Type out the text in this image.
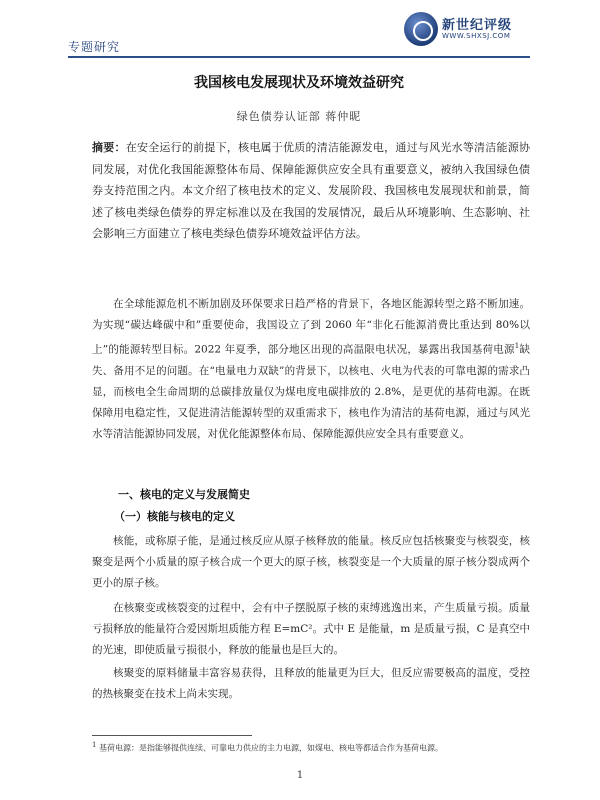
专题研究
新世纪评级
WWW.SHXSJ.COM
我国核电发展现状及环境效益研究
绿色债券认证部 蒋仲昵
摘要：在安全运行的前提下，核电属于优质的清洁能源发电，通过与风光水等清洁能源协同发展，对优化我国能源整体布局、保障能源供应安全具有重要意义，被纳入我国绿色债券支持范围之内。本文介绍了核电技术的定义、发展阶段、我国核电发展现状和前景，简述了核电类绿色债券的界定标准以及在我国的发展情况，最后从环境影响、生态影响、社会影响三方面建立了核电类绿色债券环境效益评估方法。
在全球能源危机不断加剧及环保要求日趋严格的背景下，各地区能源转型之路不断加速。为实现“碳达峰碳中和”重要使命，我国设立了到 2060 年“非化石能源消费比重达到 80%以上”的能源转型目标。2022 年夏季，部分地区出现的高温限电状况，暴露出我国基荷电源$^1$缺失、备用不足的问题。在“电量电力双缺”的背景下，以核电、火电为代表的可靠电源的需求凸显，而核电全生命周期的总碳排放量仅为煤电度电碳排放的 2.8%，是更优的基荷电源。在既保障用电稳定性，又促进清洁能源转型的双重需求下，核电作为清洁的基荷电源，通过与风光水等清洁能源协同发展，对优化能源整体布局、保障能源供应安全具有重要意义。
一、核电的定义与发展简史
（一）核能与核电的定义
核能，或称原子能，是通过核反应从原子核释放的能量。核反应包括核聚变与核裂变，核聚变是两个小质量的原子核合成一个更大的原子核，核裂变是一个大质量的原子核分裂成两个更小的原子核。
在核聚变或核裂变的过程中，会有中子摆脱原子核的束缚逃逸出来，产生质量亏损。质量亏损释放的能量符合爱因斯坦质能方程 E=mC²。式中 E 是能量，m 是质量亏损，C 是真空中的光速，即使质量亏损很小，释放的能量也是巨大的。
核聚变的原料储量丰富容易获得，且释放的能量更为巨大，但反应需要极高的温度，受控的热核聚变在技术上尚未实现。
$^1$ 基荷电源：是指能够提供连续、可靠电力供应的主力电源，如煤电、核电等都适合作为基荷电源。
1
